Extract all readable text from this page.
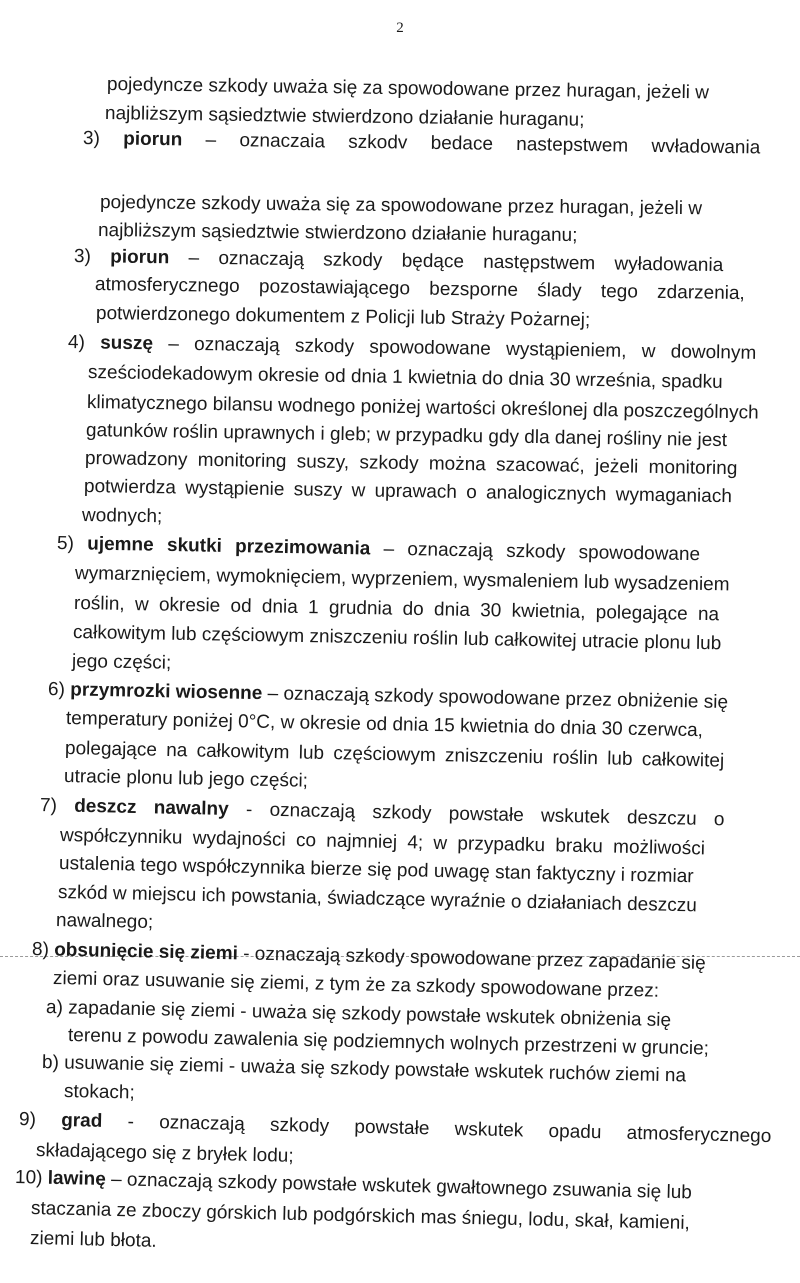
2
pojedyncze szkody uważa się za spowodowane przez huragan, jeżeli w
najbliższym sąsiedztwie stwierdzono działanie huraganu;
3) piorun – oznaczaia szkodv bedace nastepstwem wvładowania
pojedyncze szkody uważa się za spowodowane przez huragan, jeżeli w
najbliższym sąsiedztwie stwierdzono działanie huraganu;
3) piorun – oznaczają szkody będące następstwem wyładowania
atmosferycznego pozostawiającego bezsporne ślady tego zdarzenia,
potwierdzonego dokumentem z Policji lub Straży Pożarnej;
4) suszę – oznaczają szkody spowodowane wystąpieniem, w dowolnym
sześciodekadowym okresie od dnia 1 kwietnia do dnia 30 września, spadku
klimatycznego bilansu wodnego poniżej wartości określonej dla poszczególnych
gatunków roślin uprawnych i gleb; w przypadku gdy dla danej rośliny nie jest
prowadzony monitoring suszy, szkody można szacować, jeżeli monitoring
potwierdza wystąpienie suszy w uprawach o analogicznych wymaganiach
wodnych;
5) ujemne skutki przezimowania – oznaczają szkody spowodowane
wymarznięciem, wymoknięciem, wyprzeniem, wysmaleniem lub wysadzeniem
roślin, w okresie od dnia 1 grudnia do dnia 30 kwietnia, polegające na
całkowitym lub częściowym zniszczeniu roślin lub całkowitej utracie plonu lub
jego części;
6) przymrozki wiosenne – oznaczają szkody spowodowane przez obniżenie się
temperatury poniżej 0°C, w okresie od dnia 15 kwietnia do dnia 30 czerwca,
polegające na całkowitym lub częściowym zniszczeniu roślin lub całkowitej
utracie plonu lub jego części;
7) deszcz nawalny - oznaczają szkody powstałe wskutek deszczu o
współczynniku wydajności co najmniej 4; w przypadku braku możliwości
ustalenia tego współczynnika bierze się pod uwagę stan faktyczny i rozmiar
szkód w miejscu ich powstania, świadczące wyraźnie o działaniach deszczu
nawalnego;
8) obsunięcie się ziemi - oznaczają szkody spowodowane przez zapadanie się
ziemi oraz usuwanie się ziemi, z tym że za szkody spowodowane przez:
a) zapadanie się ziemi - uważa się szkody powstałe wskutek obniżenia się
terenu z powodu zawalenia się podziemnych wolnych przestrzeni w gruncie;
b) usuwanie się ziemi - uważa się szkody powstałe wskutek ruchów ziemi na
stokach;
9) grad - oznaczają szkody powstałe wskutek opadu atmosferycznego
składającego się z bryłek lodu;
10) lawinę – oznaczają szkody powstałe wskutek gwałtownego zsuwania się lub
staczania ze zboczy górskich lub podgórskich mas śniegu, lodu, skał, kamieni,
ziemi lub błota.
